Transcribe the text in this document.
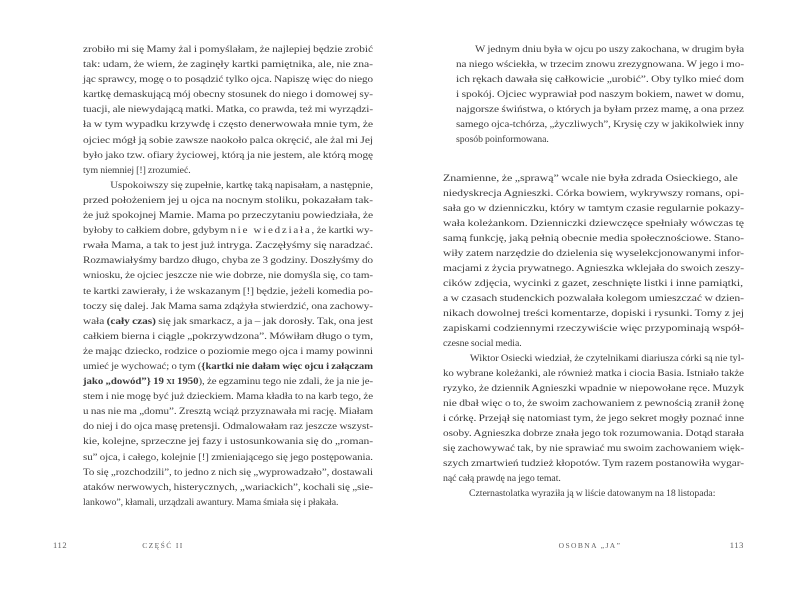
zrobiło mi się Mamy żal i pomyślałam, że najlepiej będzie zrobić
tak: udam, że wiem, że zaginęły kartki pamiętnika, ale, nie zna-
jąc sprawcy, mogę o to posądzić tylko ojca. Napiszę więc do niego
kartkę demaskującą mój obecny stosunek do niego i domowej sy-
tuacji, ale niewydającą matki. Matka, co prawda, też mi wyrządzi-
ła w tym wypadku krzywdę i często denerwowała mnie tym, że
ojciec mógł ją sobie zawsze naokoło palca okręcić, ale żal mi Jej
było jako tzw. ofiary życiowej, którą ja nie jestem, ale którą mogę
tym niemniej [!] zrozumieć.
Uspokoiwszy się zupełnie, kartkę taką napisałam, a następnie,
przed położeniem jej u ojca na nocnym stoliku, pokazałam tak-
że już spokojnej Mamie. Mama po przeczytaniu powiedziała, że
byłoby to całkiem dobre, gdybym nie wiedziała, że kartki wy-
rwała Mama, a tak to jest już intryga. Zaczęłyśmy się naradzać.
Rozmawiałyśmy bardzo długo, chyba ze 3 godziny. Doszłyśmy do
wniosku, że ojciec jeszcze nie wie dobrze, nie domyśla się, co tam-
te kartki zawierały, i że wskazanym [!] będzie, jeżeli komedia po-
toczy się dalej. Jak Mama sama zdążyła stwierdzić, ona zachowy-
wała (cały czas) się jak smarkacz, a ja – jak dorosły. Tak, ona jest
całkiem bierna i ciągle „pokrzywdzona”. Mówiłam długo o tym,
że mając dziecko, rodzice o poziomie mego ojca i mamy powinni
umieć je wychować; o tym ({kartki nie dałam więc ojcu i załączam
jako „dowód”} 19 xi 1950), że egzaminu tego nie zdali, że ja nie je-
stem i nie mogę być już dzieckiem. Mama kładła to na karb tego, że
u nas nie ma „domu”. Zresztą wciąż przyznawała mi rację. Miałam
do niej i do ojca masę pretensji. Odmalowałam raz jeszcze wszyst-
kie, kolejne, sprzeczne jej fazy i ustosunkowania się do „roman-
su” ojca, i całego, kolejnie [!] zmieniającego się jego postępowania.
To się „rozchodzili”, to jedno z nich się „wyprowadzało”, dostawali
ataków nerwowych, histerycznych, „wariackich”, kochali się „sie-
lankowo”, kłamali, urządzali awantury. Mama śmiała się i płakała.
W jednym dniu była w ojcu po uszy zakochana, w drugim była
na niego wściekła, w trzecim znowu zrezygnowana. W jego i mo-
ich rękach dawała się całkowicie „urobić”. Oby tylko mieć dom
i spokój. Ojciec wyprawiał pod naszym bokiem, nawet w domu,
najgorsze świństwa, o których ja byłam przez mamę, a ona przez
samego ojca-tchórza, „życzliwych”, Krysię czy w jakikolwiek inny
sposób poinformowana.
Znamienne, że „sprawą” wcale nie była zdrada Osieckiego, ale
niedyskrecja Agnieszki. Córka bowiem, wykrywszy romans, opi-
sała go w dzienniczku, który w tamtym czasie regularnie pokazy-
wała koleżankom. Dzienniczki dziewczęce spełniały wówczas tę
samą funkcję, jaką pełnią obecnie media społecznościowe. Stano-
wiły zatem narzędzie do dzielenia się wyselekcjonowanymi infor-
macjami z życia prywatnego. Agnieszka wklejała do swoich zeszy-
cików zdjęcia, wycinki z gazet, zeschnięte listki i inne pamiątki,
a w czasach studenckich pozwalała kolegom umieszczać w dzien-
nikach dowolnej treści komentarze, dopiski i rysunki. Tomy z jej
zapiskami codziennymi rzeczywiście więc przypominają współ-
czesne social media.
Wiktor Osiecki wiedział, że czytelnikami diariusza córki są nie tyl-
ko wybrane koleżanki, ale również matka i ciocia Basia. Istniało także
ryzyko, że dziennik Agnieszki wpadnie w niepowołane ręce. Muzyk
nie dbał więc o to, że swoim zachowaniem z pewnością zranił żonę
i córkę. Przejął się natomiast tym, że jego sekret mogły poznać inne
osoby. Agnieszka dobrze znała jego tok rozumowania. Dotąd starała
się zachowywać tak, by nie sprawiać mu swoim zachowaniem więk-
szych zmartwień tudzież kłopotów. Tym razem postanowiła wygar-
nąć całą prawdę na jego temat.
Czternastolatka wyraziła ją w liście datowanym na 18 listopada:
112	CZĘŚĆ II	OSOBNA „JA”	113
